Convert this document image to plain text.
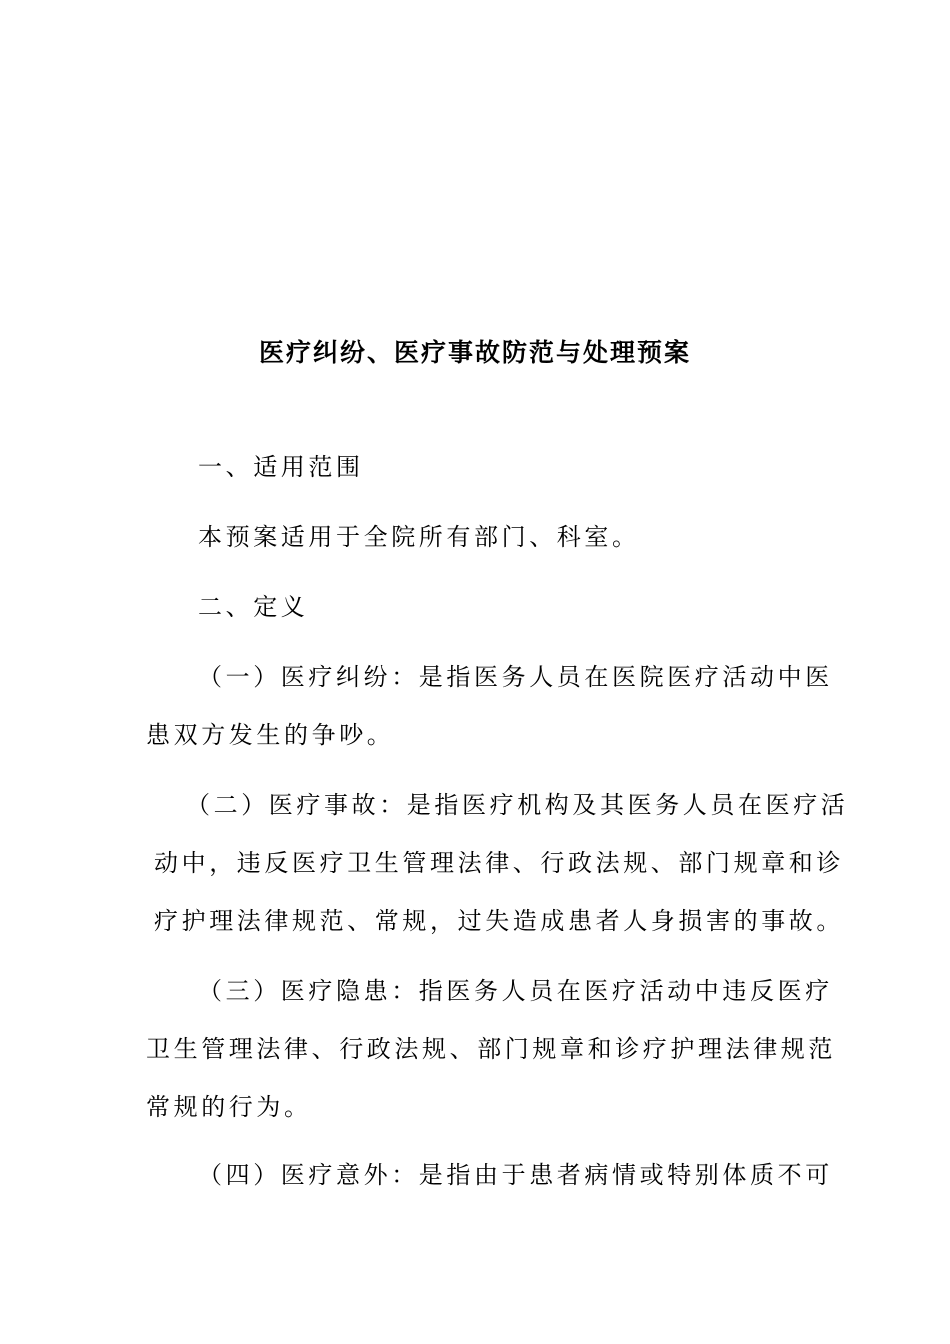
医疗纠纷、医疗事故防范与处理预案

一、适用范围

本预案适用于全院所有部门、科室。

二、定义

（一）医疗纠纷：是指医务人员在医院医疗活动中医

患双方发生的争吵。

（二）医疗事故：是指医疗机构及其医务人员在医疗活

动中，违反医疗卫生管理法律、行政法规、部门规章和诊

疗护理法律规范、常规，过失造成患者人身损害的事故。

（三）医疗隐患：指医务人员在医疗活动中违反医疗

卫生管理法律、行政法规、部门规章和诊疗护理法律规范

常规的行为。

（四）医疗意外：是指由于患者病情或特别体质不可
